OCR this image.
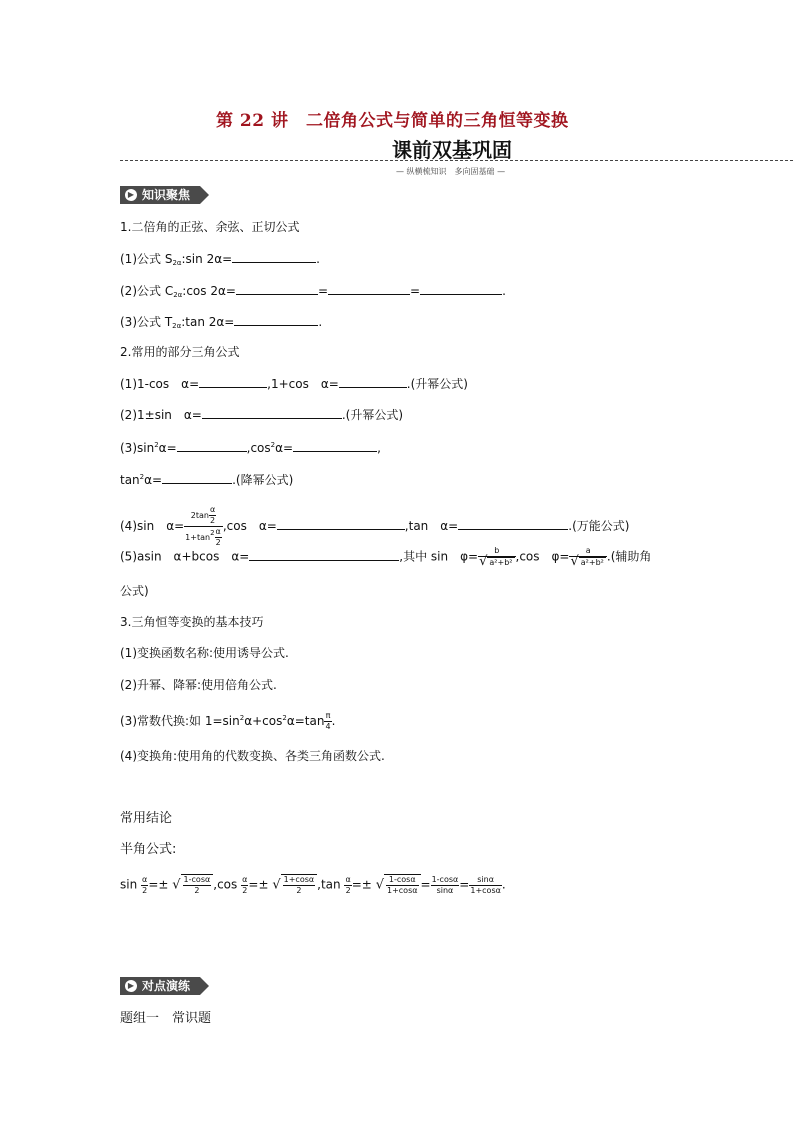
第 22 讲　二倍角公式与简单的三角恒等变换
课前双基巩固
— 纵横梳知识　多向固基础 —
▶ 知识聚焦
1.二倍角的正弦、余弦、正切公式
(1)公式 $S_{2\alpha}:\sin$ 2α=	.
(2)公式 $C_{2\alpha}:\cos$ 2α=	=	=	.
(3)公式 $T_{2\alpha}:\tan$ 2α=	.
2.常用的部分三角公式
(1)1-cos　α=	,1+cos　α=	.(升幂公式)
(2)1±sin　α=	.(升幂公式)
$(3)\sin^2\alpha=$	$,\cos^2\alpha=$	,
$\tan^2\alpha=$	.(降幂公式)
(4)sin　$\alpha= \frac{2\tan \frac{\alpha}{2}}{1+\tan^2 \frac{\alpha}{2}} ,\cos$　α=	,tan　α=	.(万能公式)
(5)asin　α+bcos　α=	,其中 sin　$\varphi= \frac{b}{\text{√ a²+b²}} ,\cos$　$\varphi= \frac{a}{\text{√ a²+b²}}$ .(辅助角
公式)
3.三角恒等变换的基本技巧
(1)变换函数名称:使用诱导公式.
(2)升幂、降幂:使用倍角公式.
(3)常数代换:如 $1=\sin^2\alpha+\cos^2\alpha=\tan \frac{\pi}{4}$ .
(4)变换角:使用角的代数变换、各类三角函数公式.
常用结论
半角公式:
$\sin \frac{\alpha}{2}$ =± √ $\frac{1-\cos\alpha}{2} ,\cos \frac{\alpha}{2}$ =± √ $\frac{1+\cos\alpha}{2} ,\tan \frac{\alpha}{2}$ =± √ $\frac{1-\cos\alpha}{1+\cos\alpha} = \frac{1-\cos\alpha}{\sin\alpha} = \frac{\sin\alpha}{1+\cos\alpha}$ .
▶ 对点演练
题组一　常识题
